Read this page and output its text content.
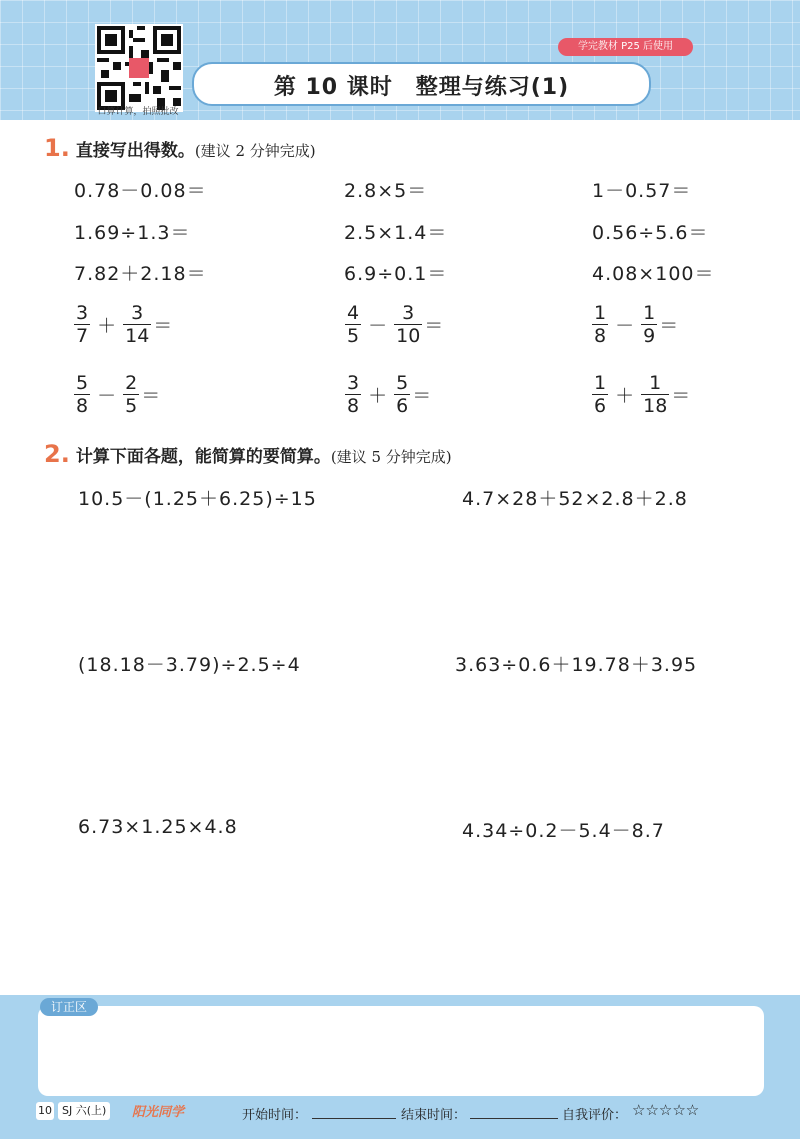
口算计算，拍照批改
学完教材 P25 后使用
第 10 课时　整理与练习(1)
1. 直接写出得数。(建议 2 分钟完成)
0.78－0.08＝	2.8×5＝	1－0.57＝
1.69÷1.3＝	2.5×1.4＝	0.56÷5.6＝
7.82＋2.18＝	6.9÷0.1＝	4.08×100＝
$\frac{3}{7} + \frac{3}{14}$ ＝	$\frac{4}{5} - \frac{3}{10}$ ＝	$\frac{1}{8} - \frac{1}{9}$ ＝
$\frac{5}{8} - \frac{2}{5}$ ＝	$\frac{3}{8} + \frac{5}{6}$ ＝	$\frac{1}{6} + \frac{1}{18}$ ＝
2. 计算下面各题，能简算的要简算。(建议 5 分钟完成)
10.5－(1.25＋6.25)÷15	4.7×28＋52×2.8＋2.8
(18.18－3.79)÷2.5÷4	3.63÷0.6＋19.78＋3.95
6.73×1.25×4.8	4.34÷0.2－5.4－8.7
订正区
10 SJ 六(上)	阳光同学	开始时间：	结束时间：	自我评价： ☆☆☆☆☆
